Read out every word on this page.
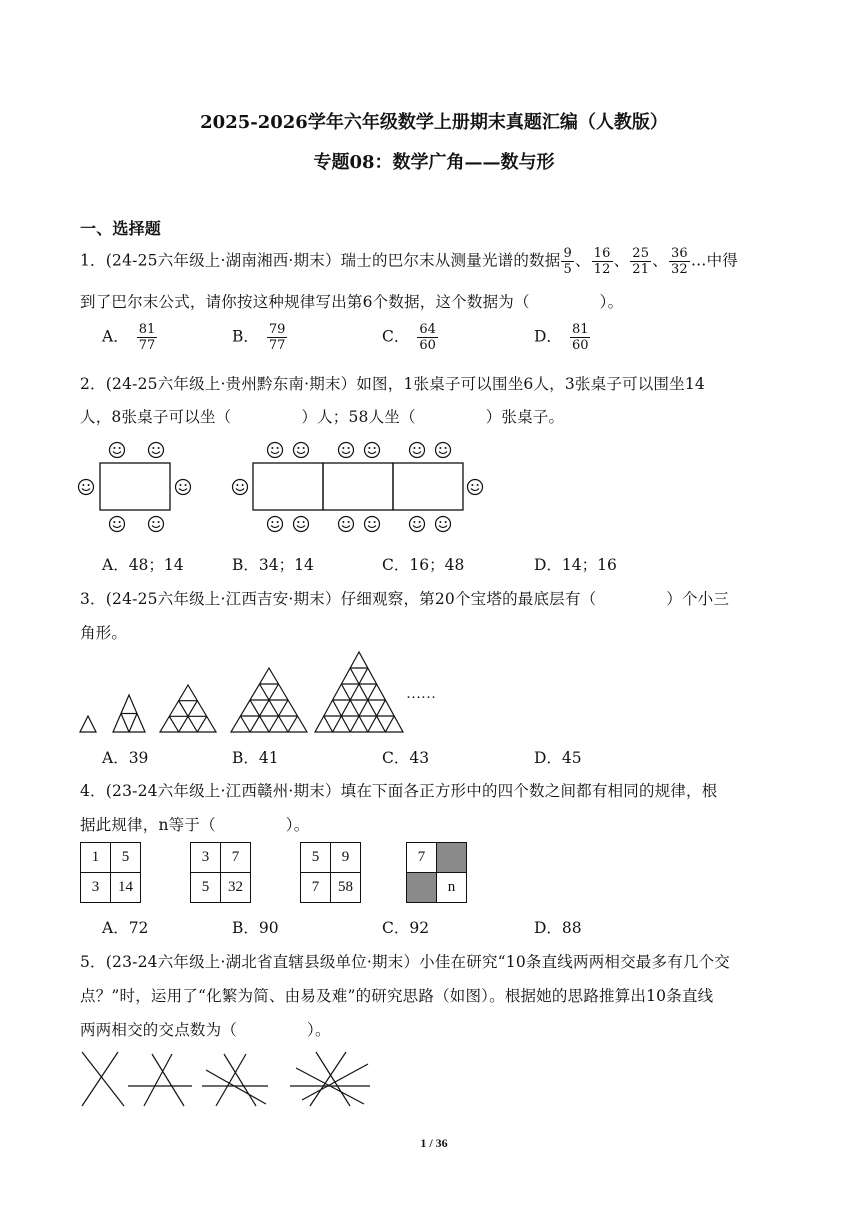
2025-2026学年六年级数学上册期末真题汇编（人教版）
专题08：数学广角——数与形
一、选择题
1．(24-25六年级上·湖南湘西·期末）瑞士的巴尔末从测量光谱的数据 $\frac{9}{5}$ 、 $\frac{16}{12}$ 、 $\frac{25}{21}$ 、 $\frac{36}{32}$ …中得
到了巴尔末公式，请你按这种规律写出第6个数据，这个数据为（	）。
A． $\frac{81}{77}$	B． $\frac{79}{77}$	C． $\frac{64}{60}$	D． $\frac{81}{60}$
2．(24-25六年级上·贵州黔东南·期末）如图，1张桌子可以围坐6人，3张桌子可以围坐14
人，8张桌子可以坐（	）人；58人坐（	）张桌子。
A．48；14	B．34；14	C．16；48	D．14；16
3．(24-25六年级上·江西吉安·期末）仔细观察，第20个宝塔的最底层有（	）个小三
角形。
……
A．39	B．41	C．43	D．45
4．(23-24六年级上·江西赣州·期末）填在下面各正方形中的四个数之间都有相同的规律，根
据此规律，n等于（	）。
1	5
3	14
3	7
5	32
5	9
7	58
7	
	n
A．72	B．90	C．92	D．88
5．(23-24六年级上·湖北省直辖县级单位·期末）小佳在研究“10条直线两两相交最多有几个交
点？”时，运用了“化繁为简、由易及难”的研究思路（如图）。根据她的思路推算出10条直线
两两相交的交点数为（	）。
1 / 36
